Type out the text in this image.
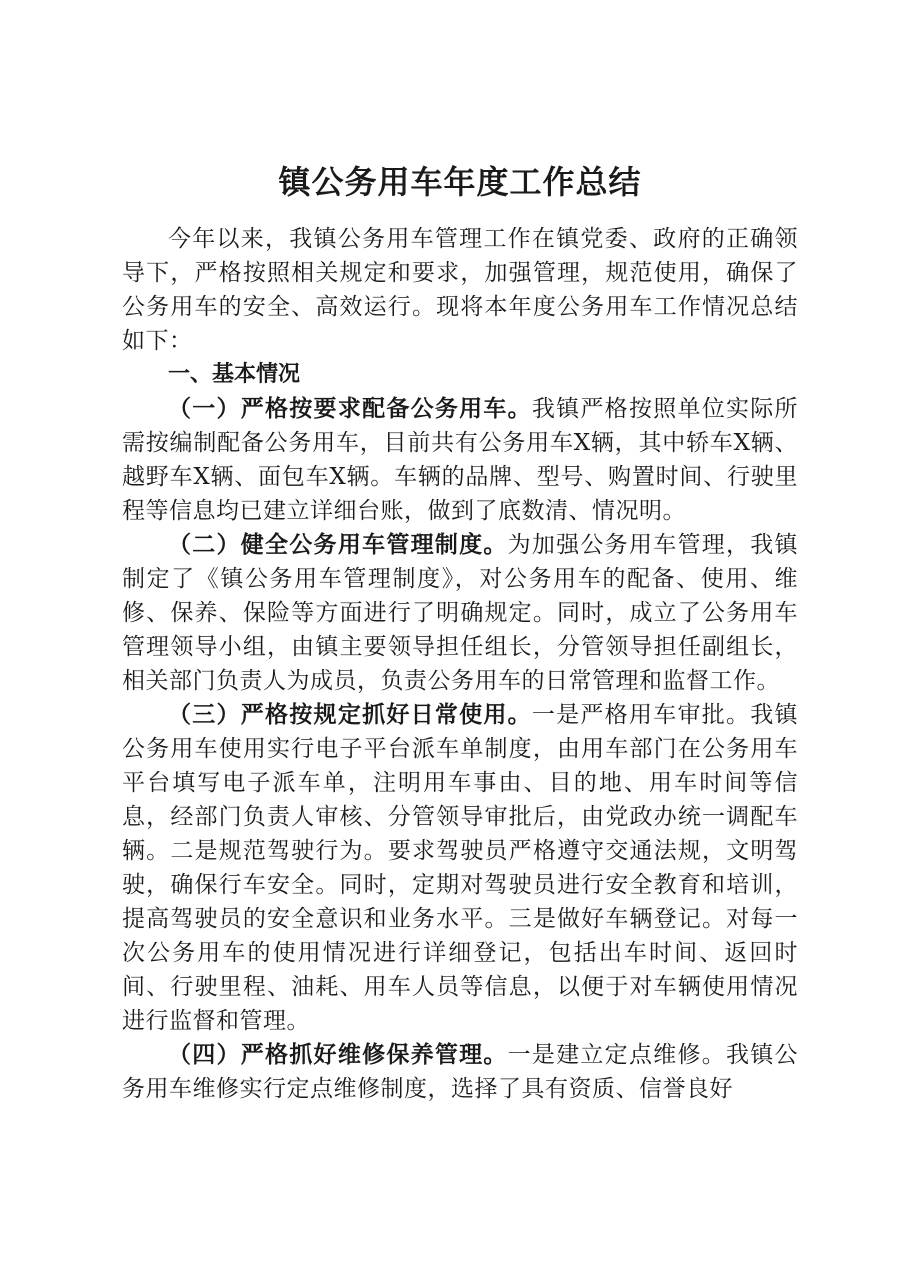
镇公务用车年度工作总结

今年以来，我镇公务用车管理工作在镇党委、政府的正确领导下，严格按照相关规定和要求，加强管理，规范使用，确保了公务用车的安全、高效运行。现将本年度公务用车工作情况总结如下：

一、基本情况

（一）严格按要求配备公务用车。我镇严格按照单位实际所需按编制配备公务用车，目前共有公务用车X辆，其中轿车X辆、越野车X辆、面包车X辆。车辆的品牌、型号、购置时间、行驶里程等信息均已建立详细台账，做到了底数清、情况明。

（二）健全公务用车管理制度。为加强公务用车管理，我镇制定了《镇公务用车管理制度》，对公务用车的配备、使用、维修、保养、保险等方面进行了明确规定。同时，成立了公务用车管理领导小组，由镇主要领导担任组长，分管领导担任副组长，相关部门负责人为成员，负责公务用车的日常管理和监督工作。

（三）严格按规定抓好日常使用。一是严格用车审批。我镇公务用车使用实行电子平台派车单制度，由用车部门在公务用车平台填写电子派车单，注明用车事由、目的地、用车时间等信息，经部门负责人审核、分管领导审批后，由党政办统一调配车辆。二是规范驾驶行为。要求驾驶员严格遵守交通法规，文明驾驶，确保行车安全。同时，定期对驾驶员进行安全教育和培训，提高驾驶员的安全意识和业务水平。三是做好车辆登记。对每一次公务用车的使用情况进行详细登记，包括出车时间、返回时间、行驶里程、油耗、用车人员等信息，以便于对车辆使用情况进行监督和管理。

（四）严格抓好维修保养管理。一是建立定点维修。我镇公务用车维修实行定点维修制度，选择了具有资质、信誉良好
